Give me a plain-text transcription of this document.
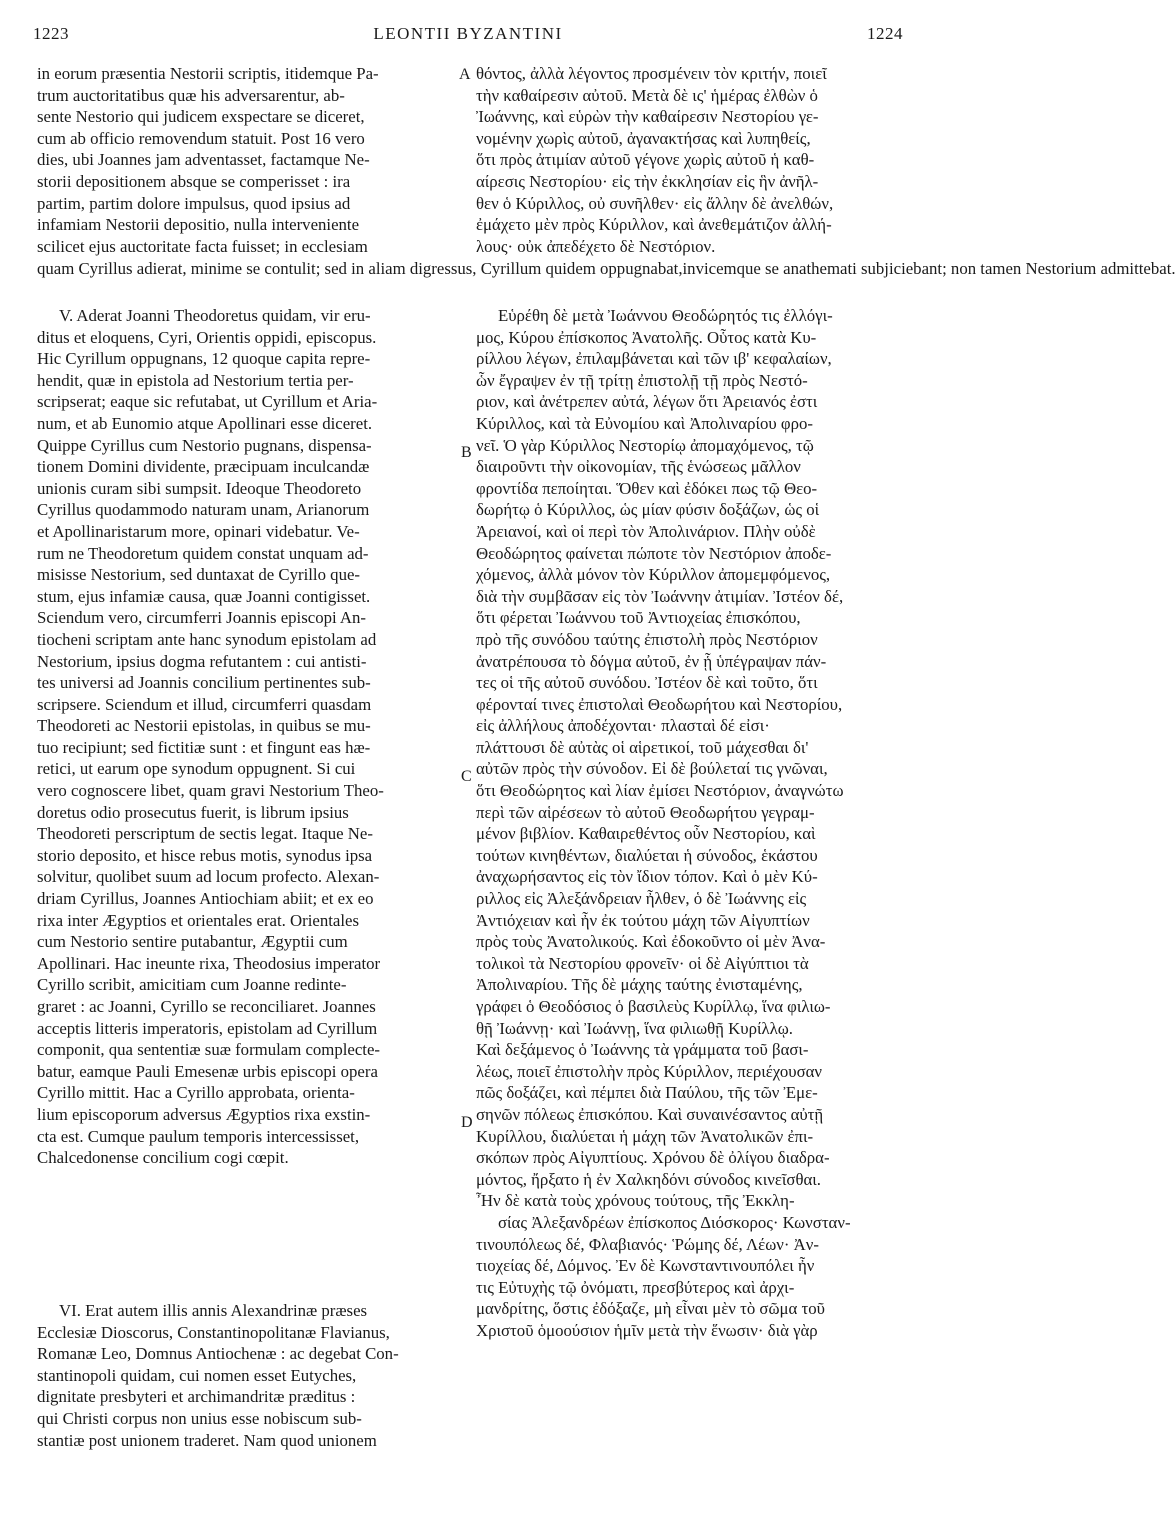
1223	LEONTII BYZANTINI	1224
in eorum præsentia Nestorii scriptis, itidemque Pa-
trum auctoritatibus quæ his adversarentur, ab-
sente Nestorio qui judicem exspectare se diceret,
cum ab officio removendum statuit. Post 16 vero
dies, ubi Joannes jam adventasset, factamque Ne-
storii depositionem absque se comperisset : ira
partim, partim dolore impulsus, quod ipsius ad
infamiam Nestorii depositio, nulla interveniente
scilicet ejus auctoritate facta fuisset; in ecclesiam
θόντος, ἀλλὰ λέγοντος προσμένειν τὸν κριτήν, ποιεῖ
τὴν καθαίρεσιν αὐτοῦ. Μετὰ δὲ ις' ἡμέρας ἐλθὼν ὁ
Ἰωάννης, καὶ εὑρὼν τὴν καθαίρεσιν Νεστορίου γε-
νομένην χωρὶς αὐτοῦ, ἀγανακτήσας καὶ λυπηθείς,
ὅτι πρὸς ἀτιμίαν αὐτοῦ γέγονε χωρὶς αὐτοῦ ἡ καθ-
αίρεσις Νεστορίου· εἰς τὴν ἐκκλησίαν εἰς ἣν ἀνῆλ-
θεν ὁ Κύριλλος, οὐ συνῆλθεν· εἰς ἄλλην δὲ ἀνελθών,
ἐμάχετο μὲν πρὸς Κύριλλον, καὶ ἀνεθεμάτιζον ἀλλή-
λους· οὐκ ἀπεδέχετο δὲ Νεστόριον.
quam Cyrillus adierat, minime se contulit; sed in aliam digressus, Cyrillum quidem oppugnabat,invicemque se anathemati subjiciebant; non tamen Nestorium admittebat.
V. Aderat Joanni Theodoretus quidam, vir eru-
ditus et eloquens, Cyri, Orientis oppidi, episcopus.
Hic Cyrillum oppugnans, 12 quoque capita repre-
hendit, quæ in epistola ad Nestorium tertia per-
scripserat; eaque sic refutabat, ut Cyrillum et Aria-
num, et ab Eunomio atque Apollinari esse diceret.
Quippe Cyrillus cum Nestorio pugnans, dispensa-
tionem Domini dividente, præcipuam inculcandæ
unionis curam sibi sumpsit. Ideoque Theodoreto
Cyrillus quodammodo naturam unam, Arianorum
et Apollinaristarum more, opinari videbatur. Ve-
rum ne Theodoretum quidem constat unquam ad-
misisse Nestorium, sed duntaxat de Cyrillo que-
stum, ejus infamiæ causa, quæ Joanni contigisset.
Sciendum vero, circumferri Joannis episcopi An-
tiocheni scriptam ante hanc synodum epistolam ad
Nestorium, ipsius dogma refutantem : cui antisti-
tes universi ad Joannis concilium pertinentes sub-
scripsere. Sciendum et illud, circumferri quasdam
Theodoreti ac Nestorii epistolas, in quibus se mu-
tuo recipiunt; sed fictitiæ sunt : et fingunt eas hæ-
retici, ut earum ope synodum oppugnent. Si cui
vero cognoscere libet, quam gravi Nestorium Theo-
doretus odio prosecutus fuerit, is librum ipsius
Theodoreti perscriptum de sectis legat. Itaque Ne-
storio deposito, et hisce rebus motis, synodus ipsa
solvitur, quolibet suum ad locum profecto. Alexan-
driam Cyrillus, Joannes Antiochiam abiit; et ex eo
rixa inter Ægyptios et orientales erat. Orientales
cum Nestorio sentire putabantur, Ægyptii cum
Apollinari. Hac ineunte rixa, Theodosius imperator
Cyrillo scribit, amicitiam cum Joanne redinte-
graret : ac Joanni, Cyrillo se reconciliaret. Joannes
acceptis litteris imperatoris, epistolam ad Cyrillum
componit, qua sententiæ suæ formulam complecte-
batur, eamque Pauli Emesenæ urbis episcopi opera
Cyrillo mittit. Hac a Cyrillo approbata, orienta-
lium episcoporum adversus Ægyptios rixa exstin-
cta est. Cumque paulum temporis intercessisset,
Chalcedonense concilium cogi cœpit.
VI. Erat autem illis annis Alexandrinæ præses
Ecclesiæ Dioscorus, Constantinopolitanæ Flavianus,
Romanæ Leo, Domnus Antiochenæ : ac degebat Con-
stantinopoli quidam, cui nomen esset Eutyches,
dignitate presbyteri et archimandritæ præditus :
qui Christi corpus non unius esse nobiscum sub-
stantiæ post unionem traderet. Nam quod unionem
Εὑρέθη δὲ μετὰ Ἰωάννου Θεοδώρητός τις ἐλλόγι-
μος, Κύρου ἐπίσκοπος Ἀνατολῆς. Οὗτος κατὰ Κυ-
ρίλλου λέγων, ἐπιλαμβάνεται καὶ τῶν ιβ' κεφαλαίων,
ὧν ἔγραψεν ἐν τῇ τρίτῃ ἐπιστολῇ τῇ πρὸς Νεστό-
ριον, καὶ ἀνέτρεπεν αὐτά, λέγων ὅτι Ἀρειανός ἐστι
Κύριλλος, καὶ τὰ Εὐνομίου καὶ Ἀπολιναρίου φρο-
νεῖ. Ὁ γὰρ Κύριλλος Νεστορίῳ ἀπομαχόμενος, τῷ
διαιροῦντι τὴν οἰκονομίαν, τῆς ἑνώσεως μᾶλλον
φροντίδα πεποίηται. Ὅθεν καὶ ἐδόκει πως τῷ Θεο-
δωρήτῳ ὁ Κύριλλος, ὡς μίαν φύσιν δοξάζων, ὡς οἱ
Ἀρειανοί, καὶ οἱ περὶ τὸν Ἀπολινάριον. Πλὴν οὐδὲ
Θεοδώρητος φαίνεται πώποτε τὸν Νεστόριον ἀποδε-
χόμενος, ἀλλὰ μόνον τὸν Κύριλλον ἀπομεμφόμενος,
διὰ τὴν συμβᾶσαν εἰς τὸν Ἰωάννην ἀτιμίαν. Ἰστέον δέ,
ὅτι φέρεται Ἰωάννου τοῦ Ἀντιοχείας ἐπισκόπου,
πρὸ τῆς συνόδου ταύτης ἐπιστολὴ πρὸς Νεστόριον
ἀνατρέπουσα τὸ δόγμα αὐτοῦ, ἐν ᾗ ὑπέγραψαν πάν-
τες οἱ τῆς αὐτοῦ συνόδου. Ἰστέον δὲ καὶ τοῦτο, ὅτι
φέρονταί τινες ἐπιστολαὶ Θεοδωρήτου καὶ Νεστορίου,
εἰς ἀλλήλους ἀποδέχονται· πλασταὶ δέ εἰσι·
πλάττουσι δὲ αὐτὰς οἱ αἱρετικοί, τοῦ μάχεσθαι δι'
αὐτῶν πρὸς τὴν σύνοδον. Εἰ δὲ βούλεταί τις γνῶναι,
ὅτι Θεοδώρητος καὶ λίαν ἐμίσει Νεστόριον, ἀναγνώτω
περὶ τῶν αἱρέσεων τὸ αὐτοῦ Θεοδωρήτου γεγραμ-
μένον βιβλίον. Καθαιρεθέντος οὖν Νεστορίου, καὶ
τούτων κινηθέντων, διαλύεται ἡ σύνοδος, ἑκάστου
ἀναχωρήσαντος εἰς τὸν ἴδιον τόπον. Καὶ ὁ μὲν Κύ-
ριλλος εἰς Ἀλεξάνδρειαν ἦλθεν, ὁ δὲ Ἰωάννης εἰς
Ἀντιόχειαν καὶ ἦν ἐκ τούτου μάχη τῶν Αἰγυπτίων
πρὸς τοὺς Ἀνατολικούς. Καὶ ἐδοκοῦντο οἱ μὲν Ἀνα-
τολικοὶ τὰ Νεστορίου φρονεῖν· οἱ δὲ Αἰγύπτιοι τὰ
Ἀπολιναρίου. Τῆς δὲ μάχης ταύτης ἐνισταμένης,
γράφει ὁ Θεοδόσιος ὁ βασιλεὺς Κυρίλλῳ, ἵνα φιλιω-
θῇ Ἰωάννῃ· καὶ Ἰωάννῃ, ἵνα φιλιωθῇ Κυρίλλῳ.
Καὶ δεξάμενος ὁ Ἰωάννης τὰ γράμματα τοῦ βασι-
λέως, ποιεῖ ἐπιστολὴν πρὸς Κύριλλον, περιέχουσαν
πῶς δοξάζει, καὶ πέμπει διὰ Παύλου, τῆς τῶν Ἐμε-
σηνῶν πόλεως ἐπισκόπου. Καὶ συναινέσαντος αὐτῇ
Κυρίλλου, διαλύεται ἡ μάχη τῶν Ἀνατολικῶν ἐπι-
σκόπων πρὸς Αἰγυπτίους. Χρόνου δὲ ὀλίγου διαδρα-
μόντος, ἤρξατο ἡ ἐν Χαλκηδόνι σύνοδος κινεῖσθαι.
Ἦν δὲ κατὰ τοὺς χρόνους τούτους, τῆς Ἐκκλη-
σίας Ἀλεξανδρέων ἐπίσκοπος Διόσκορος· Κωνσταν-
τινουπόλεως δέ, Φλαβιανός· Ῥώμης δέ, Λέων· Ἀν-
τιοχείας δέ, Δόμνος. Ἐν δὲ Κωνσταντινουπόλει ἦν
τις Εὐτυχὴς τῷ ὀνόματι, πρεσβύτερος καὶ ἀρχι-
μανδρίτης, ὅστις ἐδόξαζε, μὴ εἶναι μὲν τὸ σῶμα τοῦ
Χριστοῦ ὁμοούσιον ἡμῖν μετὰ τὴν ἕνωσιν· διὰ γὰρ
A
B
C
D
